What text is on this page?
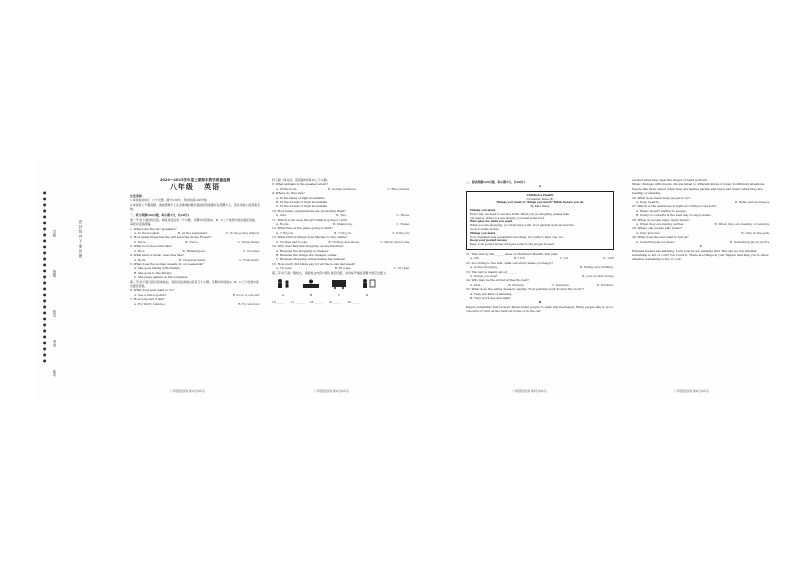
●
●
●
●
●
●
●
●
●
●
●
●
●
●
●
●
●
●
●
●
●
●
●
●
●
●
●
●
●
学校
班级
姓名
考场
座号
密 封 线 内 不 要 答 题
2024—2025学年度上期期末教学质量监测
八年级 英语
注意事项：
1.本试卷共8页，六个大题，满分120分，考试时间100分钟。
2.本试卷上不要答题，请按答题卡上注意事项的要求直接把答案填写在答题卡上。答在试卷上的答案无效。
一、听力理解(20小题，每小题1分，共20分)
第一节 听下面5段对话。每段对话后有一个小题，从题中所给的A、B、C三个选项中选出最佳答案。每段对话读两遍。
1. Where are the two speakers?
A. In the hospital.	B. At the restaurant.	C. In the police station.
2. How many times has the girl seen the movie Frozen?
A. Once.	B. Twice.	C. Three times.
3. What food does Nick like?
A. Rice.	B. Hamburgers.	C. Noodles.
4. What kind of music does Sue like?
A. Rock.	B. Classical music.	C. Folk music.
5. What does the woman usually do on weekends?
A. She goes hiking with friends.
B. She goes to the library.
C. She plays games on the computer.
第二节 听下面几段对话或独白。每段对话或独白后有几个小题，从题中所给的A、B、C三个选项中选出最佳答案。
6. What does Jack want to do?
A. See a film together.	B. Go to a concert.
7. How long will it last?
A. For thirty minutes.	B. For an hour.
八年级英语试卷 第1页(共8页)
听下面一段对话，回答第8至第10三个小题。
8. What animals is the speaker about?
A. White lions.	B. Golden monkeys.	C. Blue whales.
9. Where do they live?
A. In the lakes of high mountains.
B. In the forests of high mountains.
C. In the forests of high mountains.
10. How many organizations are protecting them?
A. One.	B. Two.	C. Three.
11. Which room does the girl think is going to win?
A. Room.	B. Shandong.	C. Hebei.
12. What time is the game going to start?
A. 7:30 p.m.	B. 7:00 p.m.	C. 8:00 p.m.
13. What kind of things does Ma like to buy online?
A. Clothes and books.	B. Clothes and shoes.	C. Music and books.
14. Why does Ben like shopping on the Internet?
A. Because the shopping is cheaper.
B. Because the things are cheaper online.
C. Because shopping online makes her relaxed.
15. How much did Linda pay for all the books last week?
A. 50 yuan.	B. 60 yuan.	C. 70 yuan.
第三节 听下面一篇短文，请将短文内容与图片进行匹配，并将标号填在答题卡相应位置上。
A	B	C	D
16.______ 17.______ 18.______ 19.______ 20.______
八年级英语试卷 第2页(共8页)
二、阅读理解(20小题，每小题2分，共40分)
A
Children's Health
November Issue (8)
Things you must or things you must? Think before you do
By Kate Wang
Things you must
Every day, we need to eat and drink. When you go shopping, please take
our advice. When you are hungry, you need some food.
Who pays for what you want
When you are shopping, you must have a list. Your parents work around the
clock to make money.
Things you must
Your classmate has a beautiful schoolbag. You want to have one, too.
Keep your pocket money
Keep your pocket money and give some to the people in need.
21. This text by the ______ issue of Children's Health, this year.
A. 9th	B. 11th	C. 1st	D. 12th
22. According to the text, what can study make you happy?
A. Going shopping.	B. Eating and drinking.
23. The text is mainly about ______.
A. things you must	B. your pocket money
24. Why may be the writer writes the text?
A. Kids.	B. Parents.	C. Teachers.	D. Workers.
25. What does the writer mean by saying "Your parents work around the clock"?
A. They are kind of listening.
B. They work day and night.
B
People remember feet forever. Music helps people to relax and feel happy. Many people like to go to concerts or turn on the radio at home or in the car.
八年级英语试卷 第3页(共8页)
excited when they hear the singer or band perform.
Music changes with moods. People listen to different kinds of music in different situations. People like lively music when they are having parties and enjoy sad music when they are reading or relaxing.
26. What does music help people to do?
A. Keep healthy.	B. Relax and feel happy.
27. Which of the sentences is right according to the text?
A. Music doesn't matter to people.
B. Going to concerts is the best way to enjoy music.
28. When do people enjoy lively music?
A. When they are having parties.	B. When they are reading or relaxing.
29. Where can people play music?
A. Only at home.	B. Only in the park.
30. What does the text want to tell us?
A. Something about music.	B. Something about sports.
C
Humans feelers are amazing. Let's look at our example first. But can we tell whether something is hot or cold? You touch it. There are things in your fingers that help you to know whether something is hot or cold.
八年级英语试卷 第4页(共8页)
